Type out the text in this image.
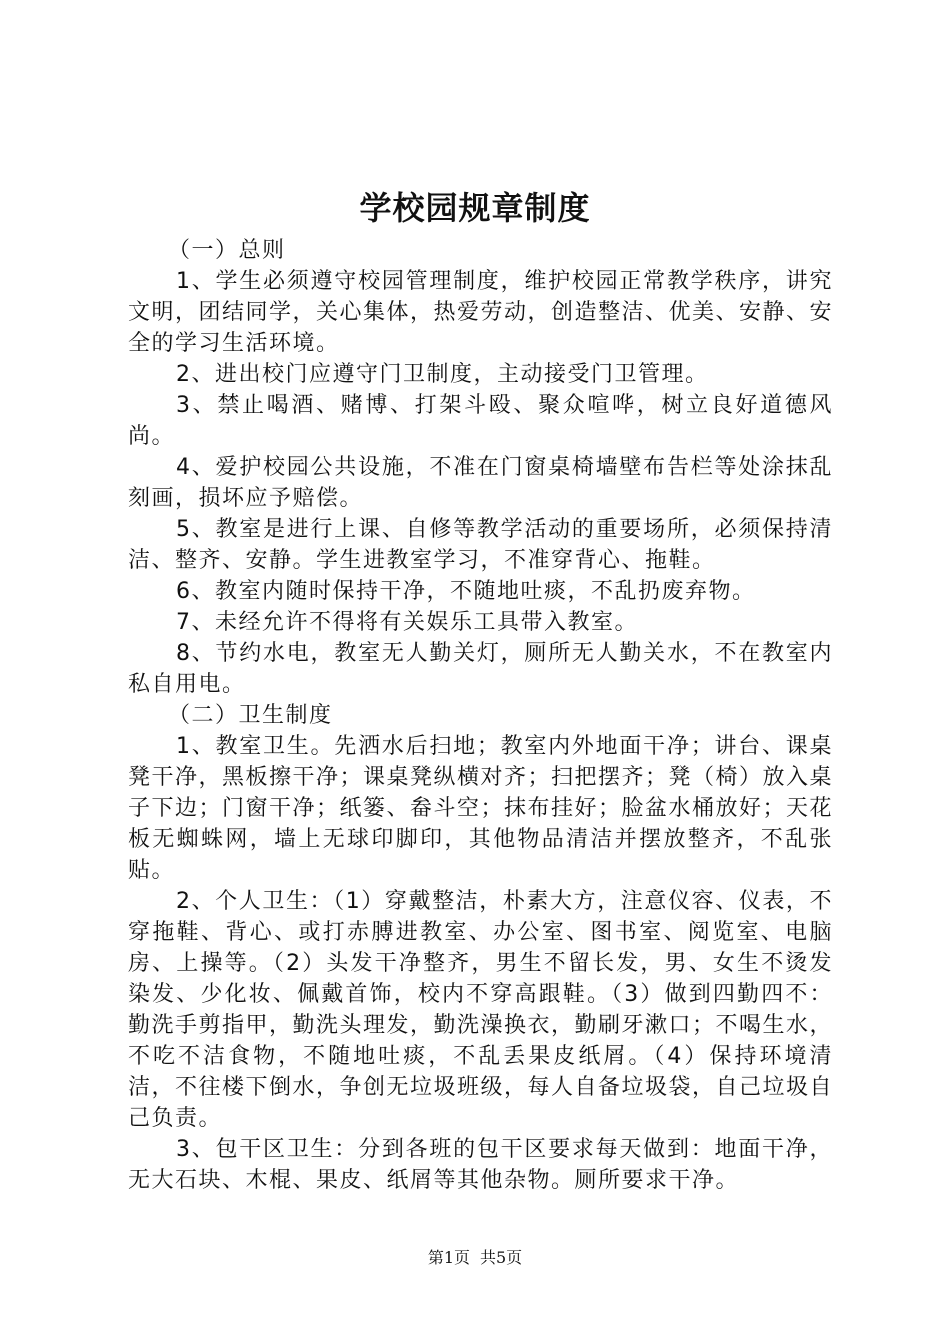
学校园规章制度

（一）总则

1、学生必须遵守校园管理制度，维护校园正常教学秩序，讲究文明，团结同学，关心集体，热爱劳动，创造整洁、优美、安静、安全的学习生活环境。

2、进出校门应遵守门卫制度，主动接受门卫管理。

3、禁止喝酒、赌博、打架斗殴、聚众喧哗，树立良好道德风尚。

4、爱护校园公共设施，不准在门窗桌椅墙壁布告栏等处涂抹乱刻画，损坏应予赔偿。

5、教室是进行上课、自修等教学活动的重要场所，必须保持清洁、整齐、安静。学生进教室学习，不准穿背心、拖鞋。

6、教室内随时保持干净，不随地吐痰，不乱扔废弃物。

7、未经允许不得将有关娱乐工具带入教室。

8、节约水电，教室无人勤关灯，厕所无人勤关水，不在教室内私自用电。

（二）卫生制度

1、教室卫生。先洒水后扫地；教室内外地面干净；讲台、课桌凳干净，黑板擦干净；课桌凳纵横对齐；扫把摆齐；凳（椅）放入桌子下边；门窗干净；纸篓、畚斗空；抹布挂好；脸盆水桶放好；天花板无蜘蛛网，墙上无球印脚印，其他物品清洁并摆放整齐，不乱张贴。

2、个人卫生：（1）穿戴整洁，朴素大方，注意仪容、仪表，不穿拖鞋、背心、或打赤膊进教室、办公室、图书室、阅览室、电脑房、上操等。（2）头发干净整齐，男生不留长发，男、女生不烫发染发、少化妆、佩戴首饰，校内不穿高跟鞋。（3）做到四勤四不：勤洗手剪指甲，勤洗头理发，勤洗澡换衣，勤刷牙漱口；不喝生水，不吃不洁食物，不随地吐痰，不乱丢果皮纸屑。（4）保持环境清洁，不往楼下倒水，争创无垃圾班级，每人自备垃圾袋，自己垃圾自己负责。

3、包干区卫生：分到各班的包干区要求每天做到：地面干净，无大石块、木棍、果皮、纸屑等其他杂物。厕所要求干净。

第1页 共5页
